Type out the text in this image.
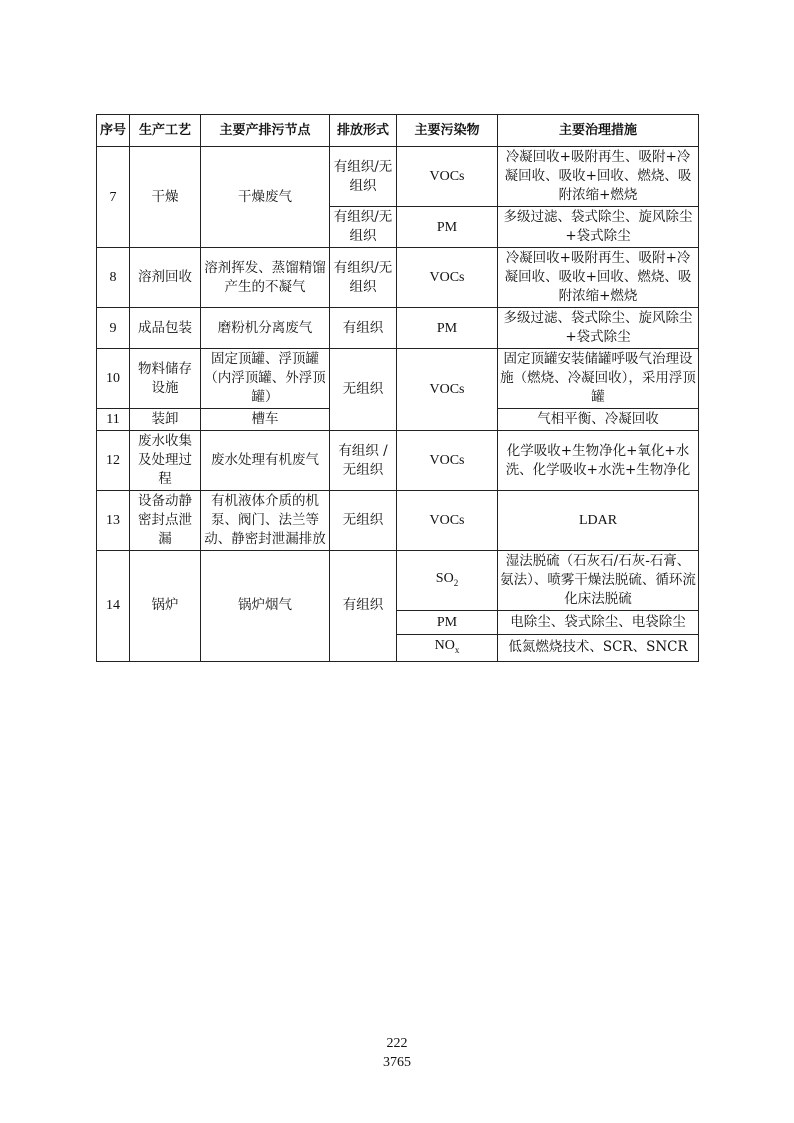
序号	生产工艺	主要产排污节点	排放形式	主要污染物	主要治理措施
7	干燥	干燥废气	有组织/无组织	VOCs	冷凝回收+吸附再生、吸附+冷凝回收、吸收+回收、燃烧、吸附浓缩+燃烧
			有组织/无组织	PM	多级过滤、袋式除尘、旋风除尘+袋式除尘
8	溶剂回收	溶剂挥发、蒸馏精馏产生的不凝气	有组织/无组织	VOCs	冷凝回收+吸附再生、吸附+冷凝回收、吸收+回收、燃烧、吸附浓缩+燃烧
9	成品包装	磨粉机分离废气	有组织	PM	多级过滤、袋式除尘、旋风除尘+袋式除尘
10	物料储存设施	固定顶罐、浮顶罐（内浮顶罐、外浮顶罐）	无组织	VOCs	固定顶罐安装储罐呼吸气治理设施（燃烧、冷凝回收），采用浮顶罐
11	装卸	槽车			气相平衡、冷凝回收
12	废水收集及处理过程	废水处理有机废气	有组织 / 无组织	VOCs	化学吸收+生物净化+氧化+水洗、化学吸收+水洗+生物净化
13	设备动静密封点泄漏	有机液体介质的机泵、阀门、法兰等动、静密封泄漏排放	无组织	VOCs	LDAR
14	锅炉	锅炉烟气	有组织	$SO_2$	湿法脱硫（石灰石/石灰-石膏、氨法）、喷雾干燥法脱硫、循环流化床法脱硫
				PM	电除尘、袋式除尘、电袋除尘
				$NO_x$	低氮燃烧技术、SCR、SNCR
222
3765
